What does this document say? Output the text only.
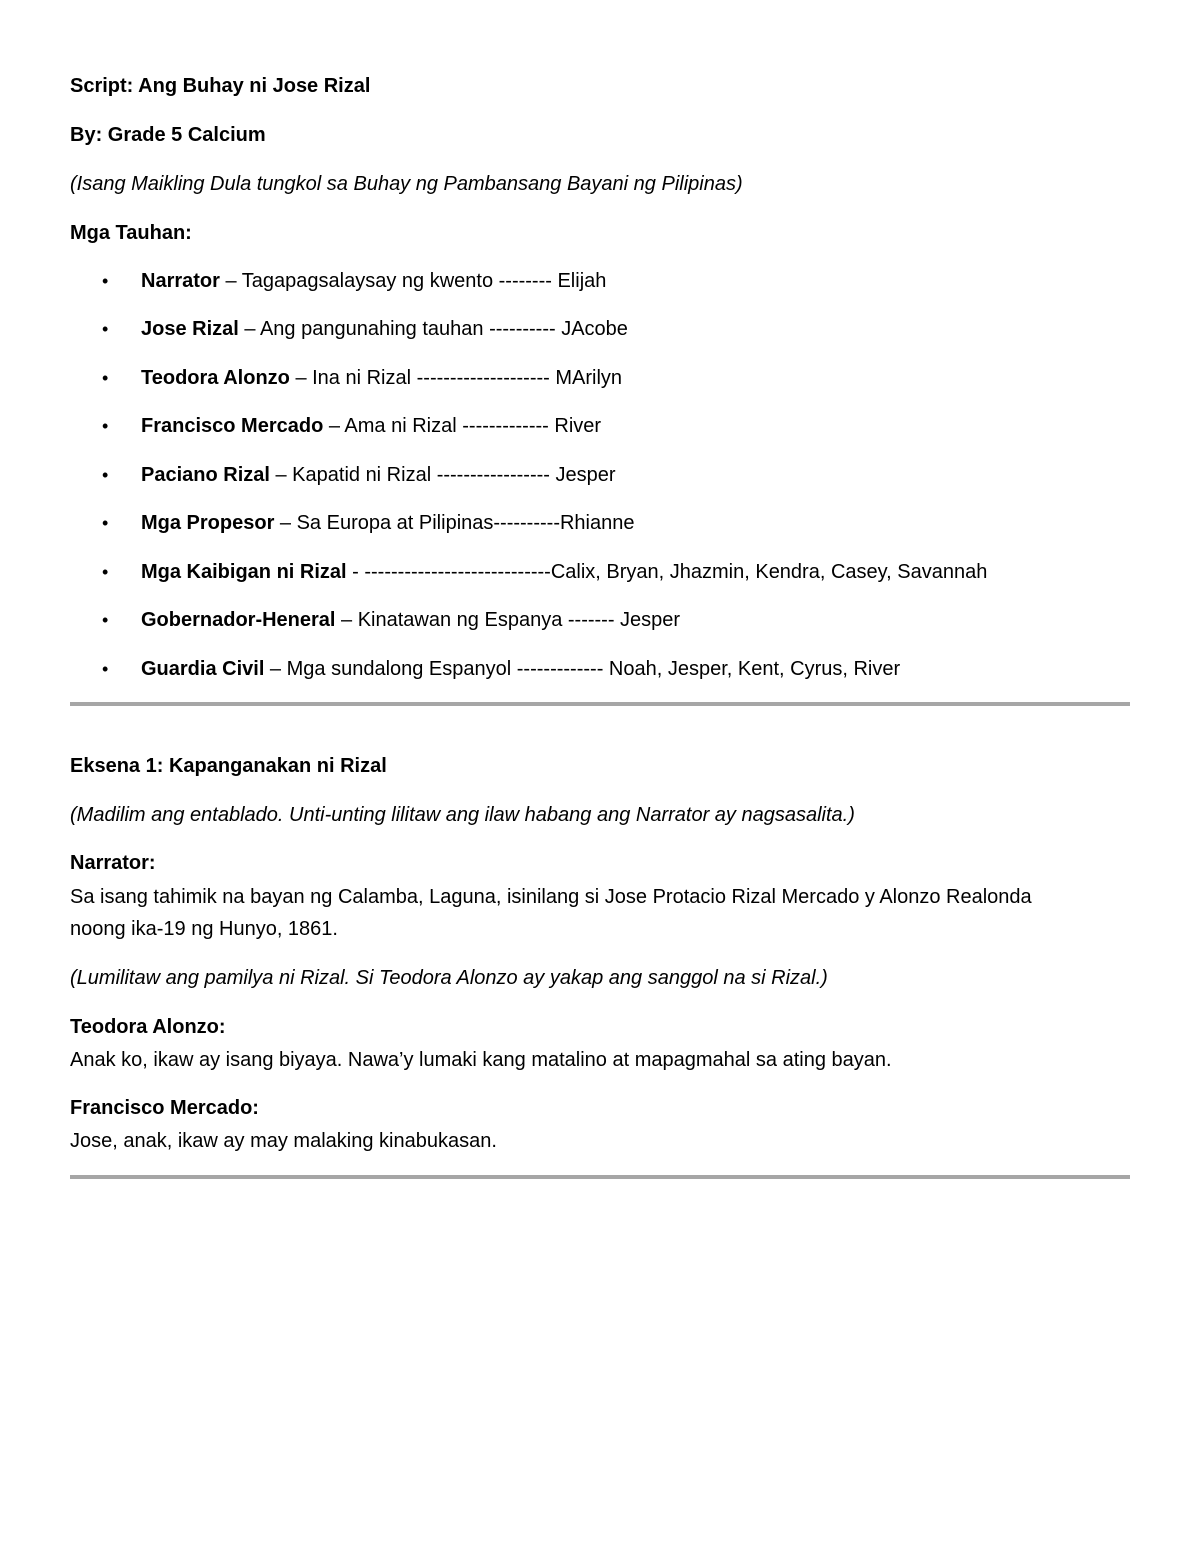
Script: Ang Buhay ni Jose Rizal
By: Grade 5 Calcium
(Isang Maikling Dula tungkol sa Buhay ng Pambansang Bayani ng Pilipinas)
Mga Tauhan:
• Narrator – Tagapagsalaysay ng kwento -------- Elijah
• Jose Rizal – Ang pangunahing tauhan ---------- JAcobe
• Teodora Alonzo – Ina ni Rizal -------------------- MArilyn
• Francisco Mercado – Ama ni Rizal ------------- River
• Paciano Rizal – Kapatid ni Rizal ----------------- Jesper
• Mga Propesor – Sa Europa at Pilipinas----------Rhianne
• Mga Kaibigan ni Rizal - ----------------------------Calix, Bryan, Jhazmin, Kendra, Casey, Savannah
• Gobernador-Heneral – Kinatawan ng Espanya ------- Jesper
• Guardia Civil – Mga sundalong Espanyol ------------- Noah, Jesper, Kent, Cyrus, River
Eksena 1: Kapanganakan ni Rizal
(Madilim ang entablado. Unti-unting lilitaw ang ilaw habang ang Narrator ay nagsasalita.)
Narrator:
Sa isang tahimik na bayan ng Calamba, Laguna, isinilang si Jose Protacio Rizal Mercado y Alonzo Realonda
noong ika-19 ng Hunyo, 1861.
(Lumilitaw ang pamilya ni Rizal. Si Teodora Alonzo ay yakap ang sanggol na si Rizal.)
Teodora Alonzo:
Anak ko, ikaw ay isang biyaya. Nawa’y lumaki kang matalino at mapagmahal sa ating bayan.
Francisco Mercado:
Jose, anak, ikaw ay may malaking kinabukasan.
